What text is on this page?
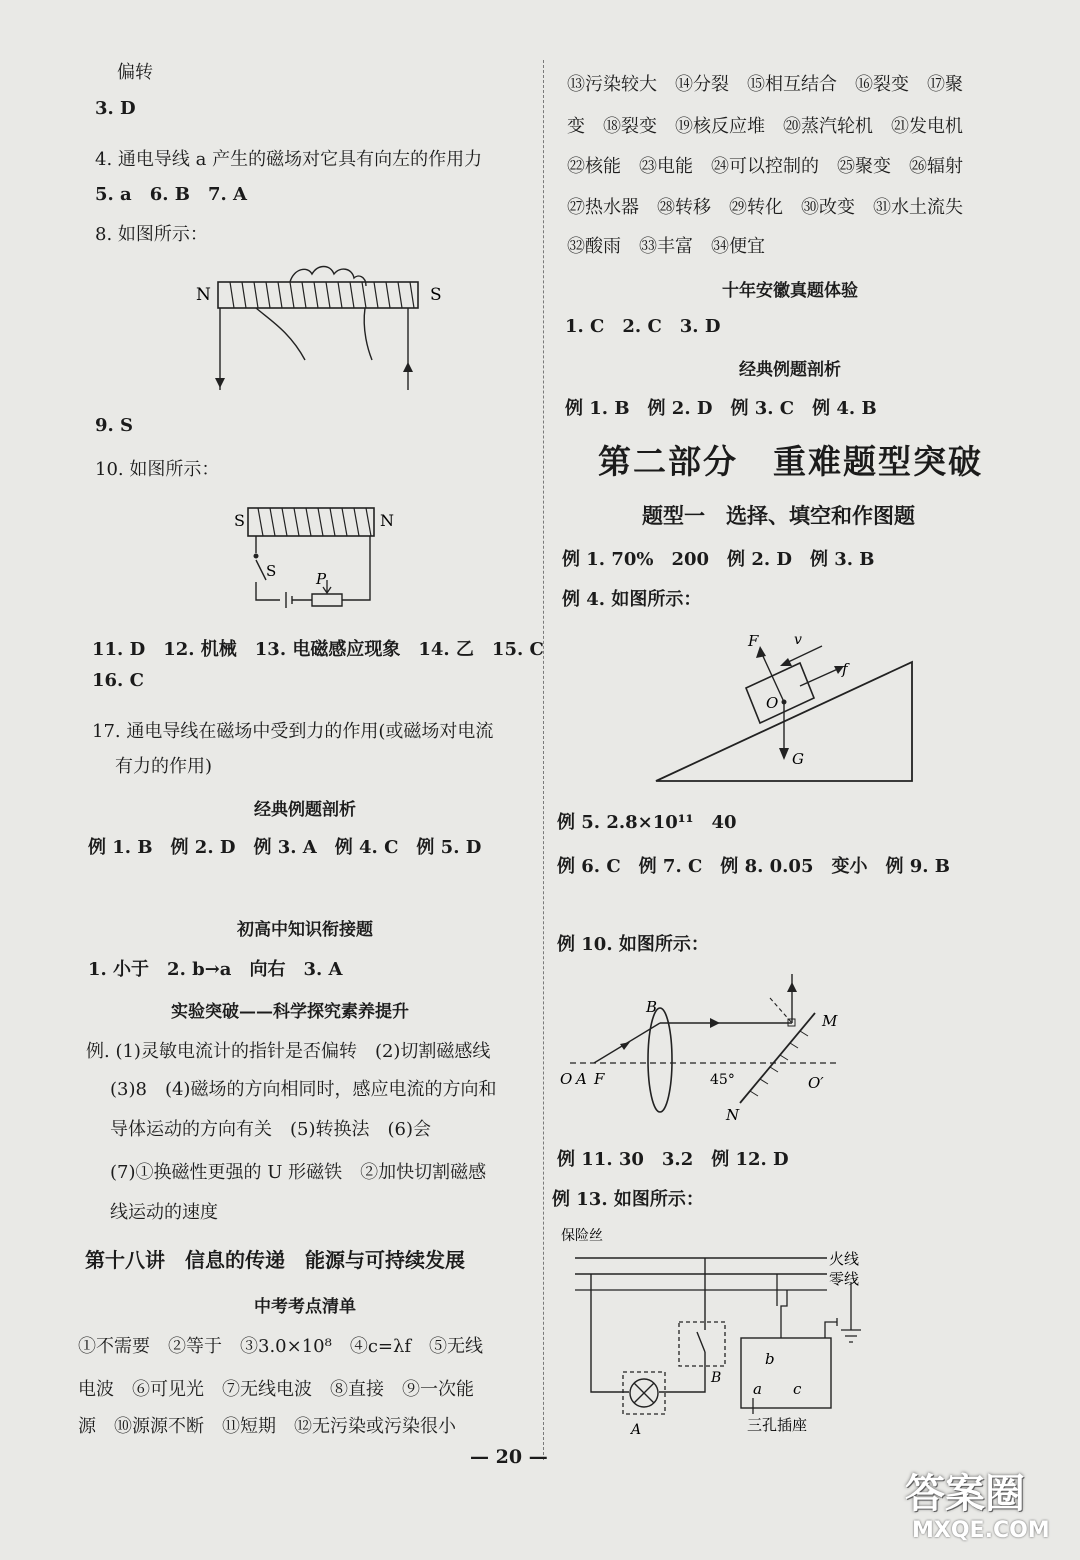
偏转
3. D
4. 通电导线 a 产生的磁场对它具有向左的作用力
5. a　6. B　7. A
8. 如图所示：
N	S
9. S
10. 如图所示：
S	N
S	P
11. D　12. 机械　13. 电磁感应现象　14. 乙　15. C
16. C
17. 通电导线在磁场中受到力的作用(或磁场对电流
有力的作用)
经典例题剖析
例 1. B　例 2. D　例 3. A　例 4. C　例 5. D
初高中知识衔接题
1. 小于　2. b→a　向右　3. A
实验突破——科学探究素养提升
例. (1)灵敏电流计的指针是否偏转　(2)切割磁感线
(3)8　(4)磁场的方向相同时，感应电流的方向和
导体运动的方向有关　(5)转换法　(6)会
(7)①换磁性更强的 U 形磁铁　②加快切割磁感
线运动的速度
第十八讲　信息的传递　能源与可持续发展
中考考点清单
①不需要　②等于　③3.0×10⁸　④c=λf　⑤无线
电波　⑥可见光　⑦无线电波　⑧直接　⑨一次能
源　⑩源源不断　⑪短期　⑫无污染或污染很小
⑬污染较大　⑭分裂　⑮相互结合　⑯裂变　⑰聚
变　⑱裂变　⑲核反应堆　⑳蒸汽轮机　㉑发电机
㉒核能　㉓电能　㉔可以控制的　㉕聚变　㉖辐射
㉗热水器　㉘转移　㉙转化　㉚改变　㉛水土流失
㉜酸雨　㉝丰富　㉞便宜
十年安徽真题体验
1. C　2. C　3. D
经典例题剖析
例 1. B　例 2. D　例 3. C　例 4. B
第二部分　重难题型突破
题型一　选择、填空和作图题
例 1. 70%　200　例 2. D　例 3. B
例 4. 如图所示：
O
F
G
f
v
例 5. 2.8×10¹¹　40
例 6. C　例 7. C　例 8. 0.05　变小　例 9. B
例 10. 如图所示：
B
M
O A F	45°	O′
N
例 11. 30　3.2　例 12. D
例 13. 如图所示：
保险丝
火线
零线
A
B
b
a c
三孔插座
— 20 —
答案圈
MXQE.COM
